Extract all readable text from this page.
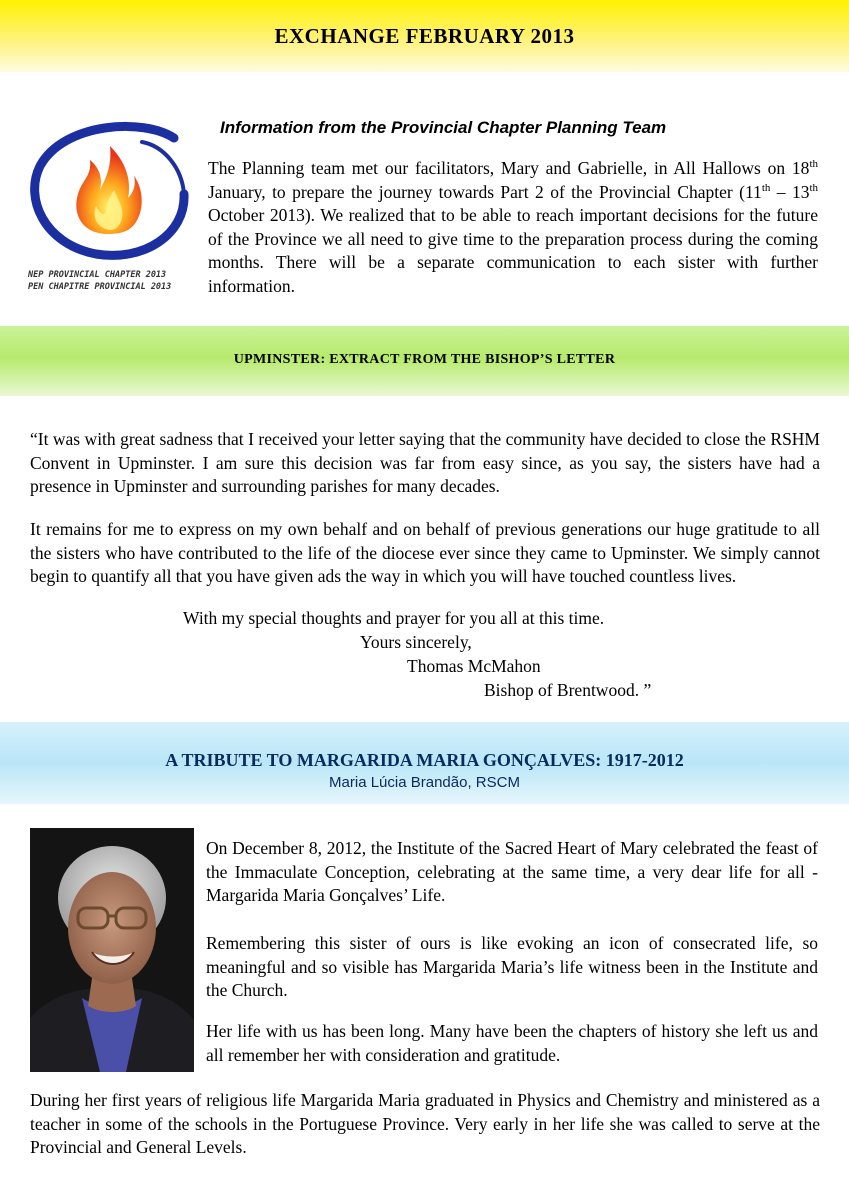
EXCHANGE FEBRUARY 2013
NEP PROVINCIAL CHAPTER 2013
PEN CHAPITRE PROVINCIAL 2013
Information from the Provincial Chapter Planning Team
The Planning team met our facilitators, Mary and Gabrielle, in All Hallows on 18th January, to prepare the journey towards Part 2 of the Provincial Chapter (11th – 13th October 2013). We realized that to be able to reach important decisions for the future of the Province we all need to give time to the preparation process during the coming months. There will be a separate communication to each sister with further information.
UPMINSTER: EXTRACT FROM THE BISHOP’S LETTER
“It was with great sadness that I received your letter saying that the community have decided to close the RSHM Convent in Upminster. I am sure this decision was far from easy since, as you say, the sisters have had a presence in Upminster and surrounding parishes for many decades.
It remains for me to express on my own behalf and on behalf of previous generations our huge gratitude to all the sisters who have contributed to the life of the diocese ever since they came to Upminster. We simply cannot begin to quantify all that you have given ads the way in which you will have touched countless lives.
With my special thoughts and prayer for you all at this time.
Yours sincerely,
Thomas McMahon
Bishop of Brentwood. ”
A TRIBUTE TO MARGARIDA MARIA GONÇALVES: 1917-2012
Maria Lúcia Brandão, RSCM
On December 8, 2012, the Institute of the Sacred Heart of Mary celebrated the feast of the Immaculate Conception, celebrating at the same time, a very dear life for all - Margarida Maria Gonçalves’ Life.
Remembering this sister of ours is like evoking an icon of consecrated life, so meaningful and so visible has Margarida Maria’s life witness been in the Institute and the Church.
Her life with us has been long. Many have been the chapters of history she left us and all remember her with consideration and gratitude.
During her first years of religious life Margarida Maria graduated in Physics and Chemistry and ministered as a teacher in some of the schools in the Portuguese Province. Very early in her life she was called to serve at the Provincial and General Levels.
